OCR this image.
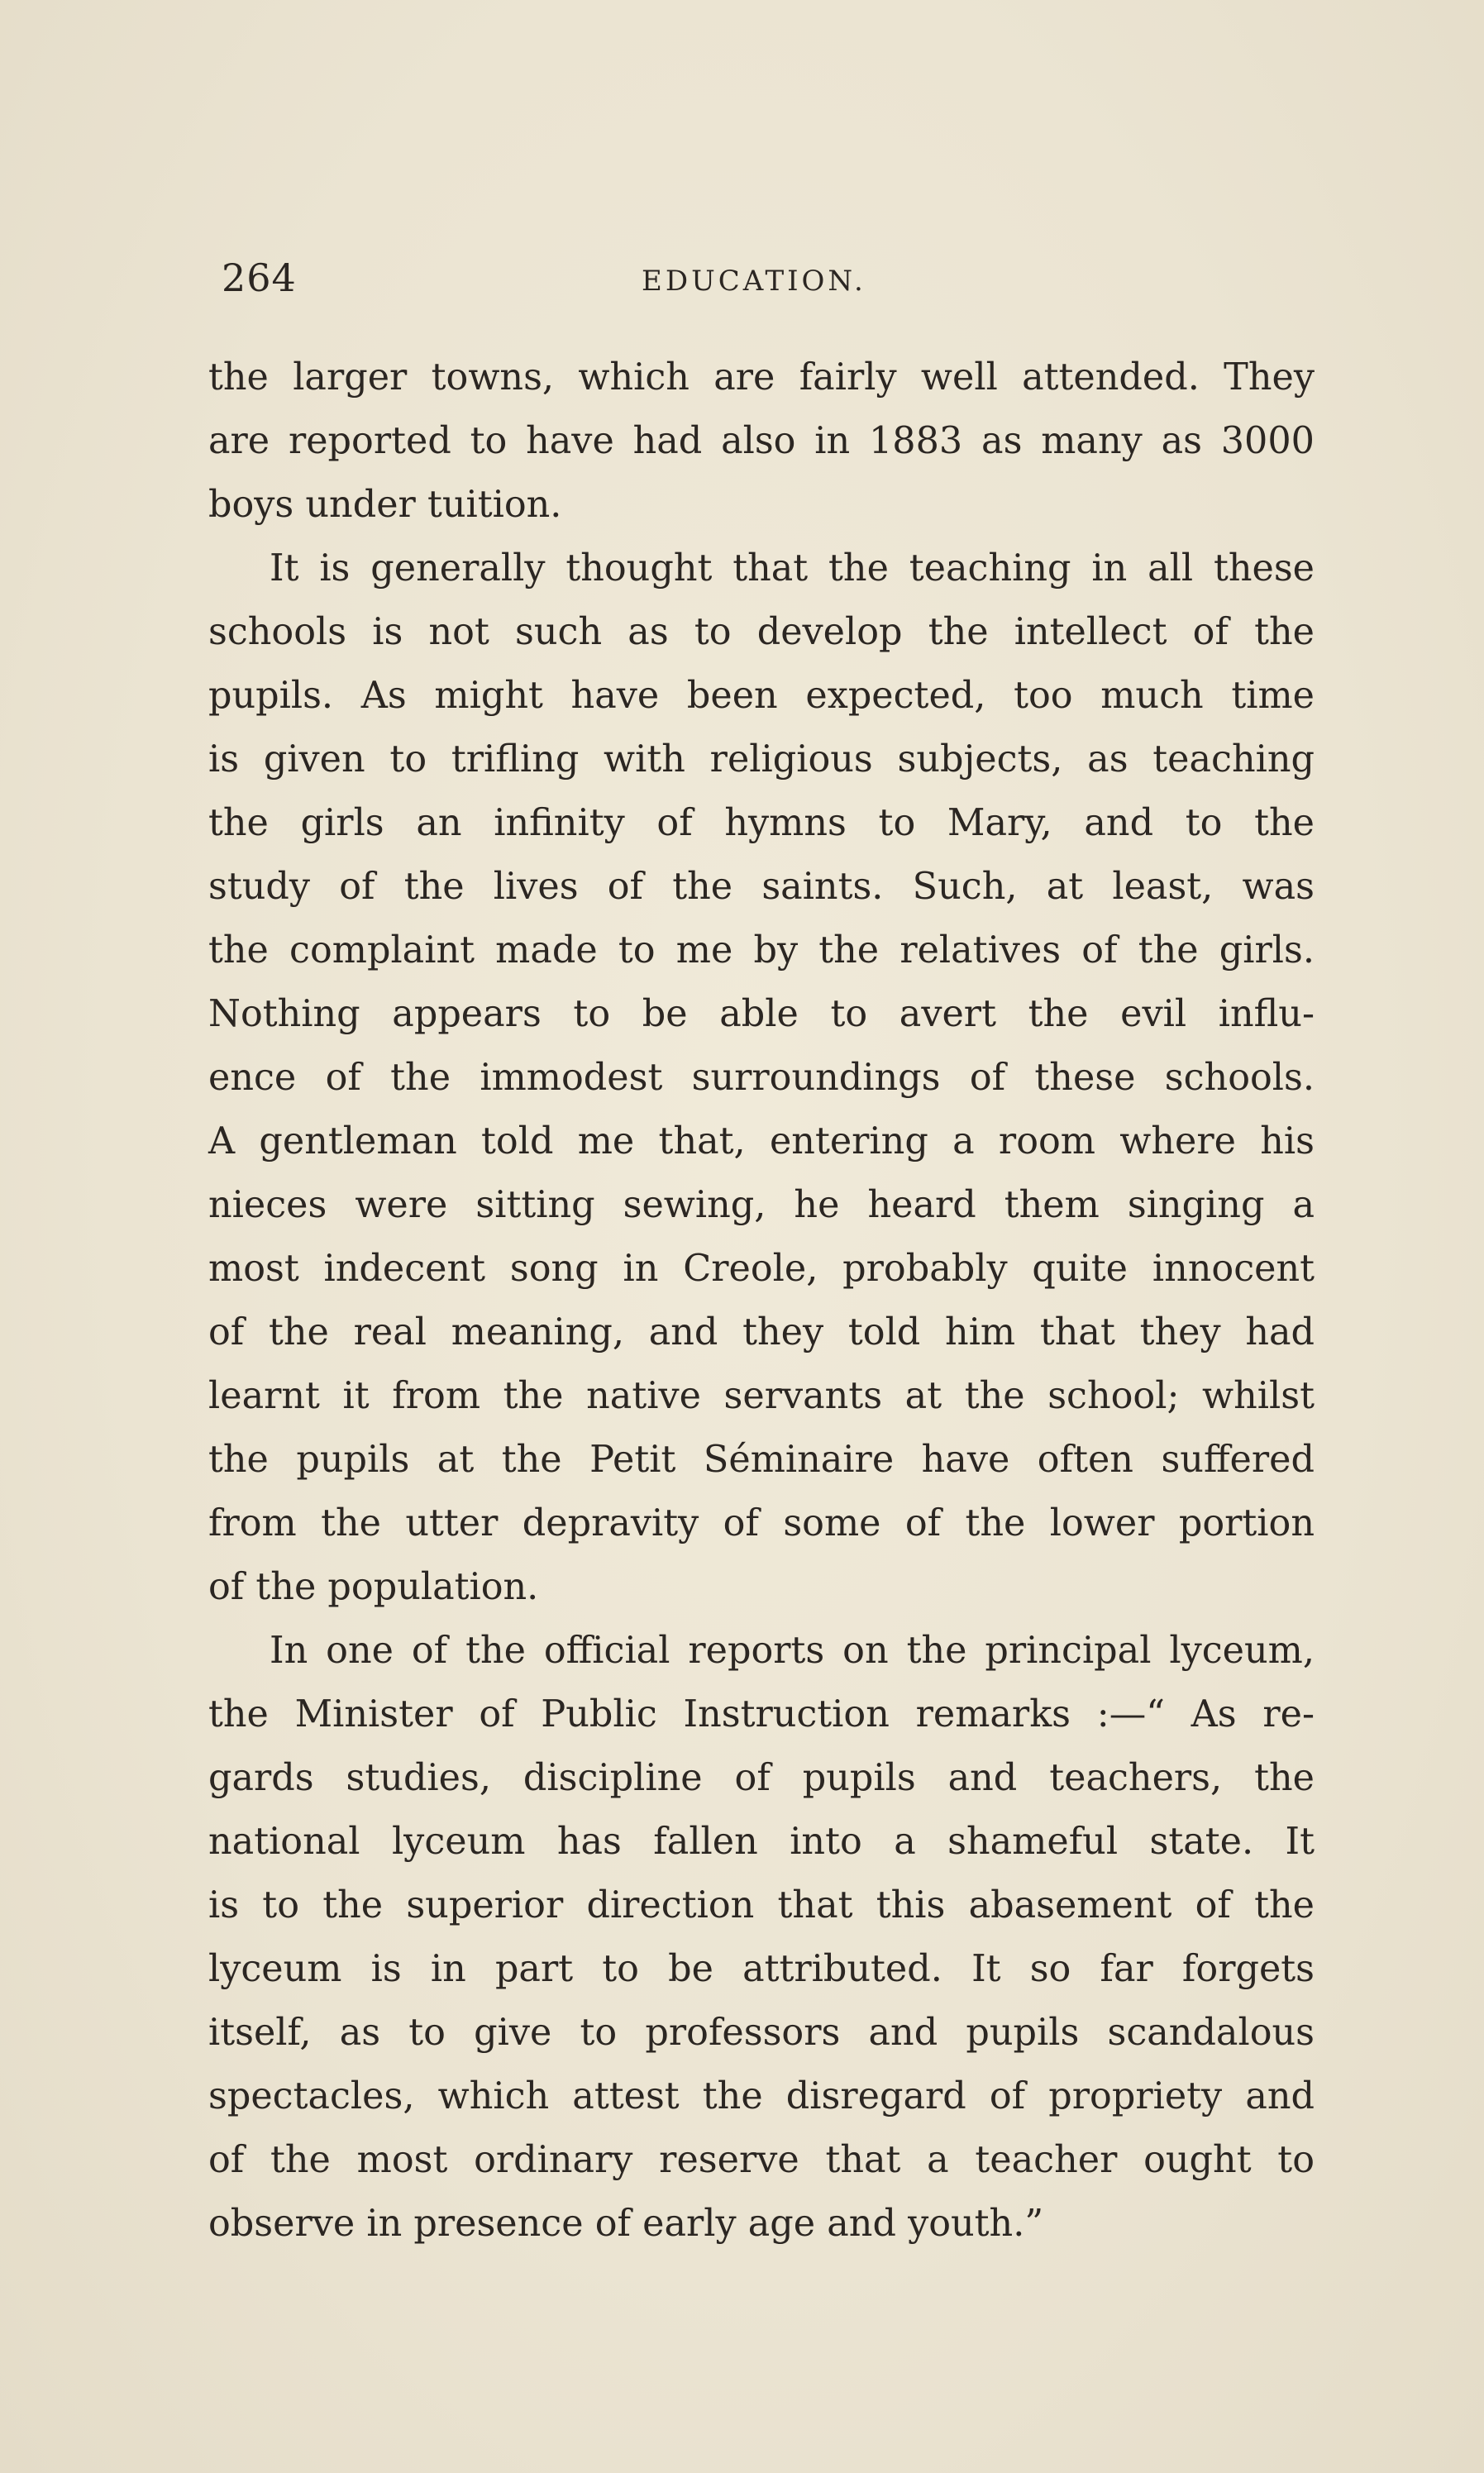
264	EDUCATION.
the larger towns, which are fairly well attended. They
are reported to have had also in 1883 as many as 3000
boys under tuition.
It is generally thought that the teaching in all these
schools is not such as to develop the intellect of the
pupils. As might have been expected, too much time
is given to trifling with religious subjects, as teaching
the girls an infinity of hymns to Mary, and to the
study of the lives of the saints. Such, at least, was
the complaint made to me by the relatives of the girls.
Nothing appears to be able to avert the evil influ-
ence of the immodest surroundings of these schools.
A gentleman told me that, entering a room where his
nieces were sitting sewing, he heard them singing a
most indecent song in Creole, probably quite innocent
of the real meaning, and they told him that they had
learnt it from the native servants at the school; whilst
the pupils at the Petit Séminaire have often suffered
from the utter depravity of some of the lower portion
of the population.
In one of the official reports on the principal lyceum,
the Minister of Public Instruction remarks :—“ As re-
gards studies, discipline of pupils and teachers, the
national lyceum has fallen into a shameful state. It
is to the superior direction that this abasement of the
lyceum is in part to be attributed. It so far forgets
itself, as to give to professors and pupils scandalous
spectacles, which attest the disregard of propriety and
of the most ordinary reserve that a teacher ought to
observe in presence of early age and youth.”
